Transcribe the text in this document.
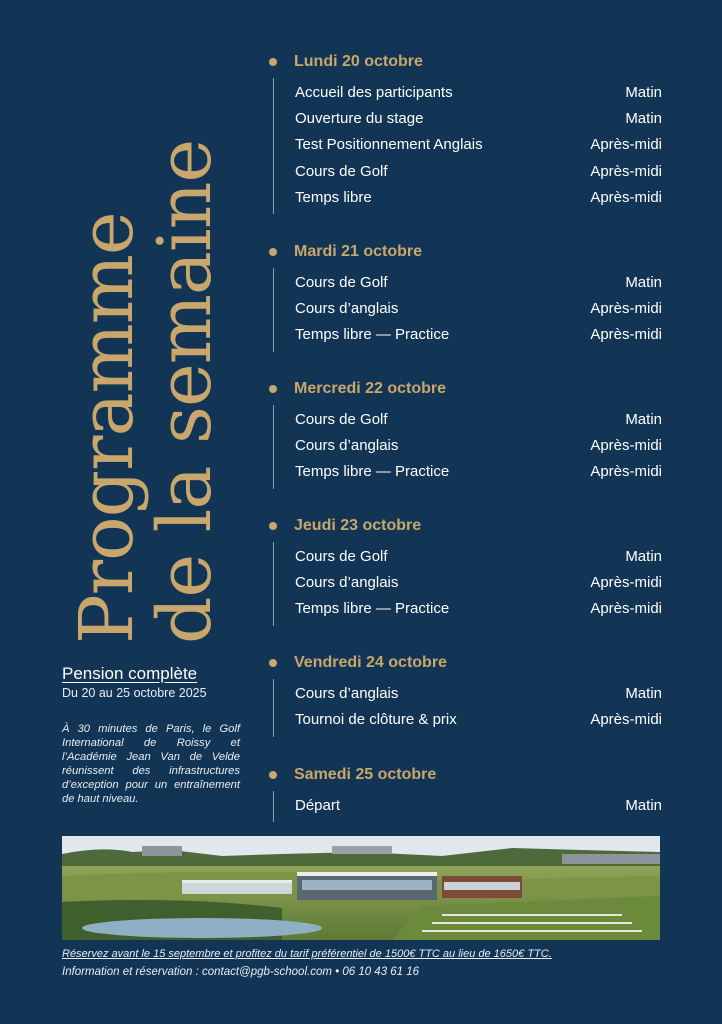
Programme
de la semaine
Pension complète
Du 20 au 25 octobre 2025
À 30 minutes de Paris, le Golf International de Roissy et l’Académie Jean Van de Velde réunissent des infrastructures d’exception pour un entraînement de haut niveau.
Lundi 20 octobre
Accueil des participants	Matin
Ouverture du stage	Matin
Test Positionnement Anglais	Après-midi
Cours de Golf	Après-midi
Temps libre	Après-midi
Mardi 21 octobre
Cours de Golf	Matin
Cours d’anglais	Après-midi
Temps libre — Practice	Après-midi
Mercredi 22 octobre
Cours de Golf	Matin
Cours d’anglais	Après-midi
Temps libre — Practice	Après-midi
Jeudi 23 octobre
Cours de Golf	Matin
Cours d’anglais	Après-midi
Temps libre — Practice	Après-midi
Vendredi 24 octobre
Cours d’anglais	Matin
Tournoi de clôture & prix	Après-midi
Samedi 25 octobre
Départ	Matin
Réservez avant le 15 septembre et profitez du tarif préférentiel de 1500€ TTC au lieu de 1650€ TTC.
Information et réservation : contact@pgb-school.com • 06 10 43 61 16
